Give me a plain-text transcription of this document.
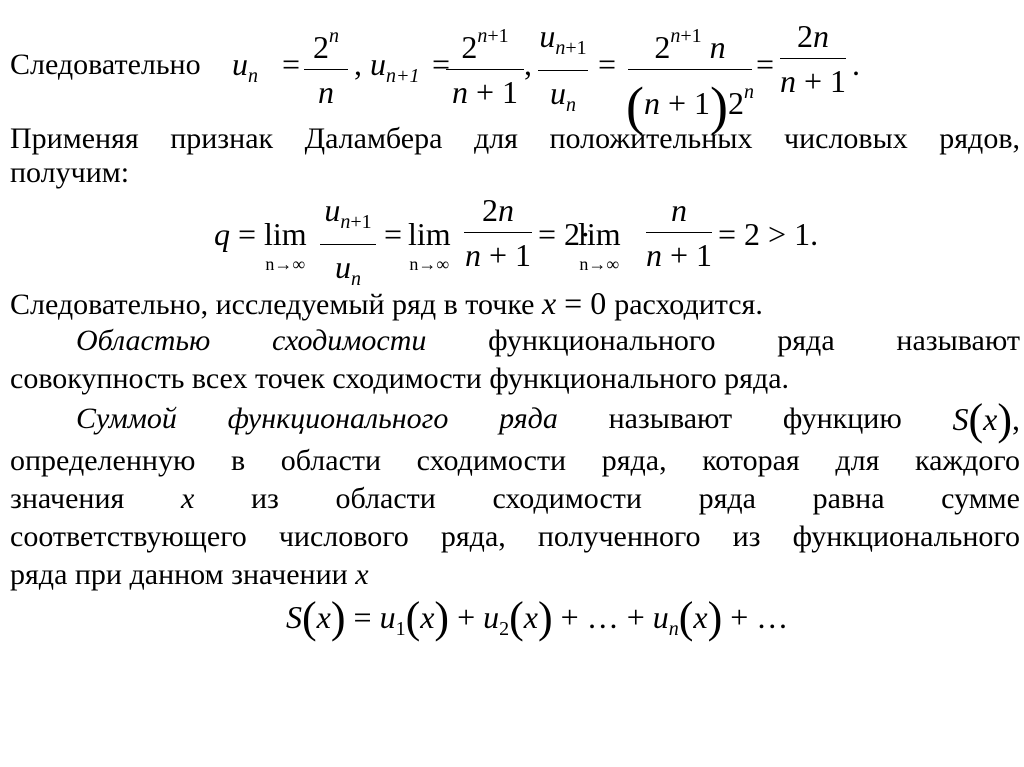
Следовательно $u_n = 2^n$
n
, $u_{n+1} = 2^{n+1}$
n + 1
,
$u_{n+1}$
$u_n$
= $2^{n+1}$ n
$(n + 1)2^n$
=
2n
n + 1 .
Применяя признак Даламбера для положительных числовых рядов,
получим:
q = lim
n→∞
$u_{n+1}$
$u_n$
= lim
n→∞
2n
n + 1
= 2·
lim
n→∞
n
n + 1
= 2 > 1.
Следовательно, исследуемый ряд в точке x = 0 расходится.
Областью сходимости функционального ряда называют
совокупность всех точек сходимости функционального ряда.
Суммой функционального ряда называют функцию S(x),
определенную в области сходимости ряда, которая для каждого
значения x из области сходимости ряда равна сумме
соответствующего числового ряда, полученного из функционального
ряда при данном значении x
$S(x) = u_1(x) + u_2(x)$ + … + $u_n(x)$ + …
